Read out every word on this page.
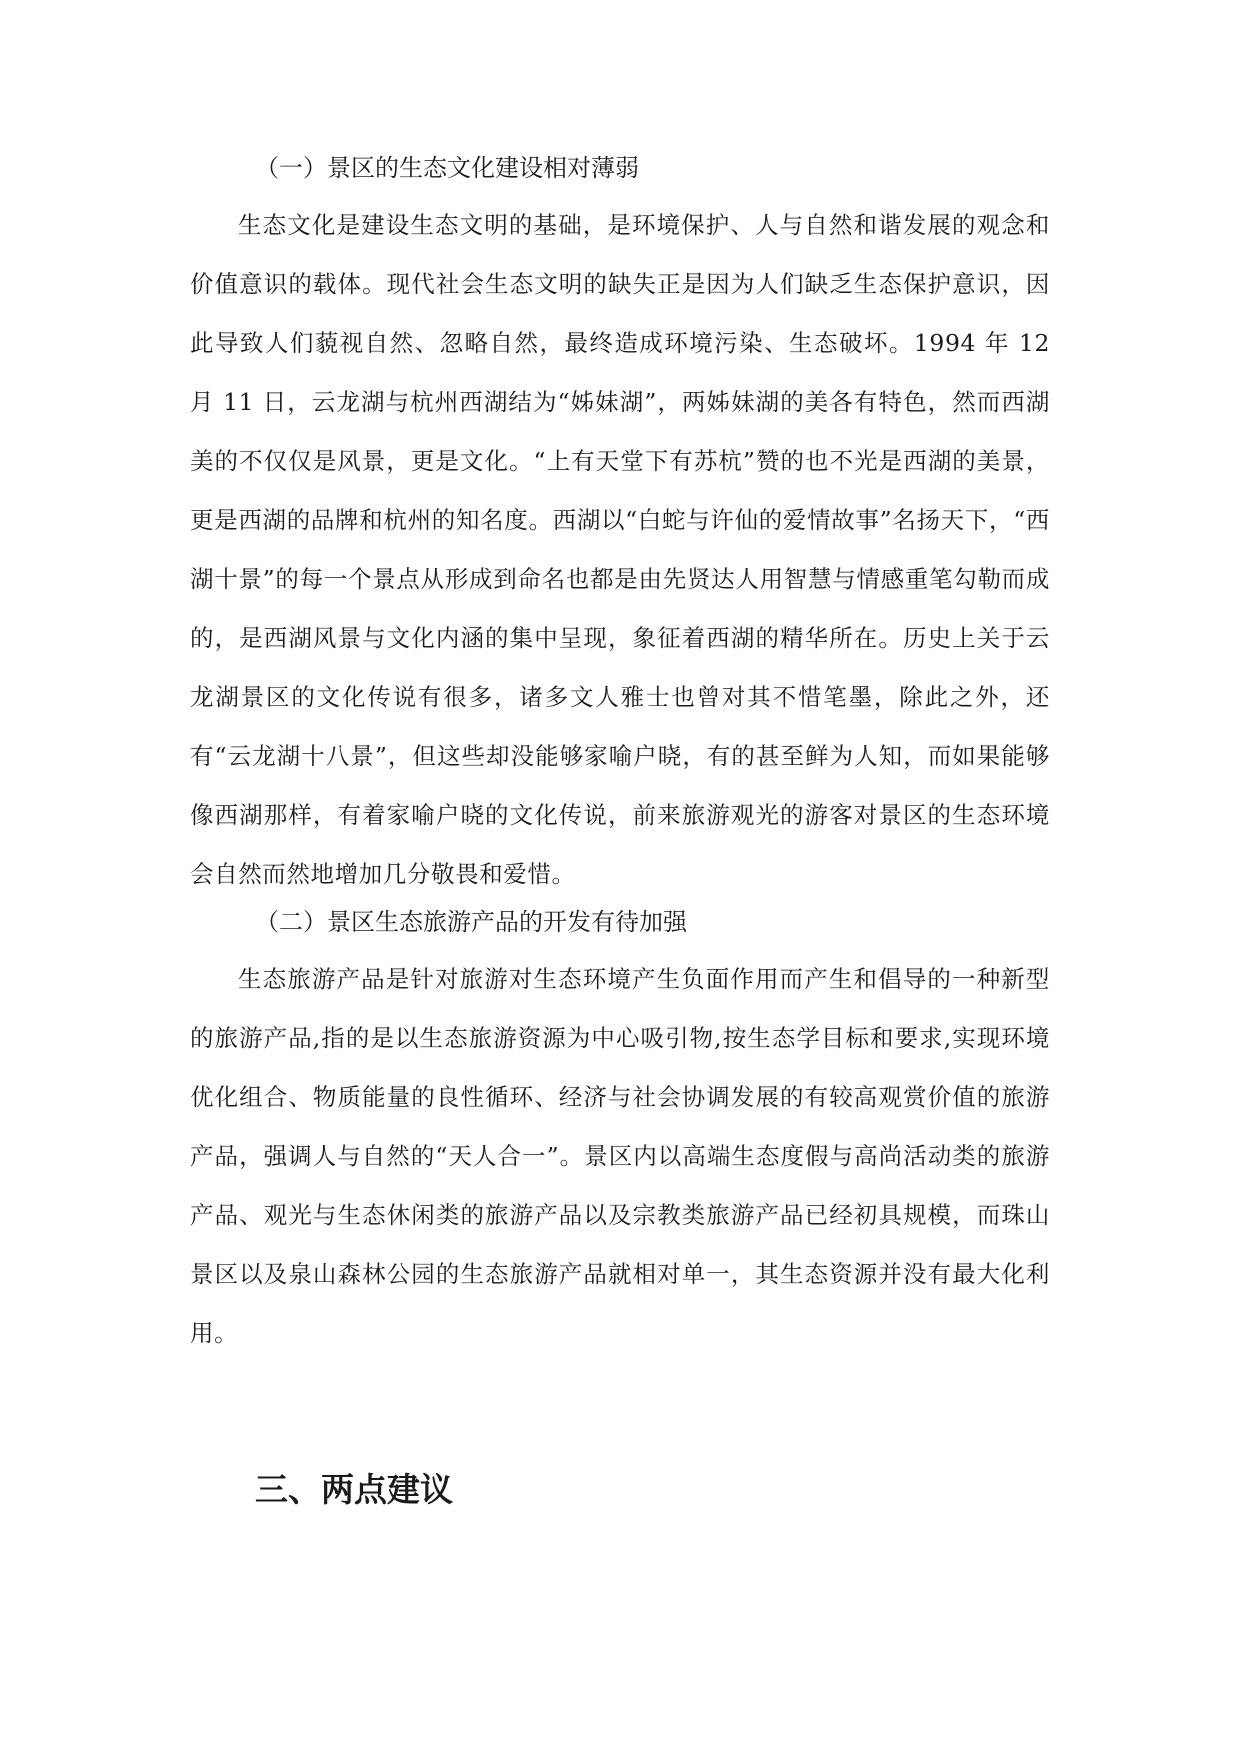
（一）景区的生态文化建设相对薄弱

生态文化是建设生态文明的基础，是环境保护、人与自然和谐发展的观念和价值意识的载体。现代社会生态文明的缺失正是因为人们缺乏生态保护意识，因此导致人们藐视自然、忽略自然，最终造成环境污染、生态破坏。1994 年 12 月 11 日，云龙湖与杭州西湖结为“姊妹湖”，两姊妹湖的美各有特色，然而西湖美的不仅仅是风景，更是文化。“上有天堂下有苏杭”赞的也不光是西湖的美景，更是西湖的品牌和杭州的知名度。西湖以“白蛇与许仙的爱情故事”名扬天下，“西湖十景”的每一个景点从形成到命名也都是由先贤达人用智慧与情感重笔勾勒而成的，是西湖风景与文化内涵的集中呈现，象征着西湖的精华所在。历史上关于云龙湖景区的文化传说有很多，诸多文人雅士也曾对其不惜笔墨，除此之外，还有“云龙湖十八景”，但这些却没能够家喻户晓，有的甚至鲜为人知，而如果能够像西湖那样，有着家喻户晓的文化传说，前来旅游观光的游客对景区的生态环境会自然而然地增加几分敬畏和爱惜。

（二）景区生态旅游产品的开发有待加强

生态旅游产品是针对旅游对生态环境产生负面作用而产生和倡导的一种新型的旅游产品,指的是以生态旅游资源为中心吸引物,按生态学目标和要求,实现环境优化组合、物质能量的良性循环、经济与社会协调发展的有较高观赏价值的旅游产品，强调人与自然的“天人合一”。景区内以高端生态度假与高尚活动类的旅游产品、观光与生态休闲类的旅游产品以及宗教类旅游产品已经初具规模，而珠山景区以及泉山森林公园的生态旅游产品就相对单一，其生态资源并没有最大化利用。

三、两点建议
